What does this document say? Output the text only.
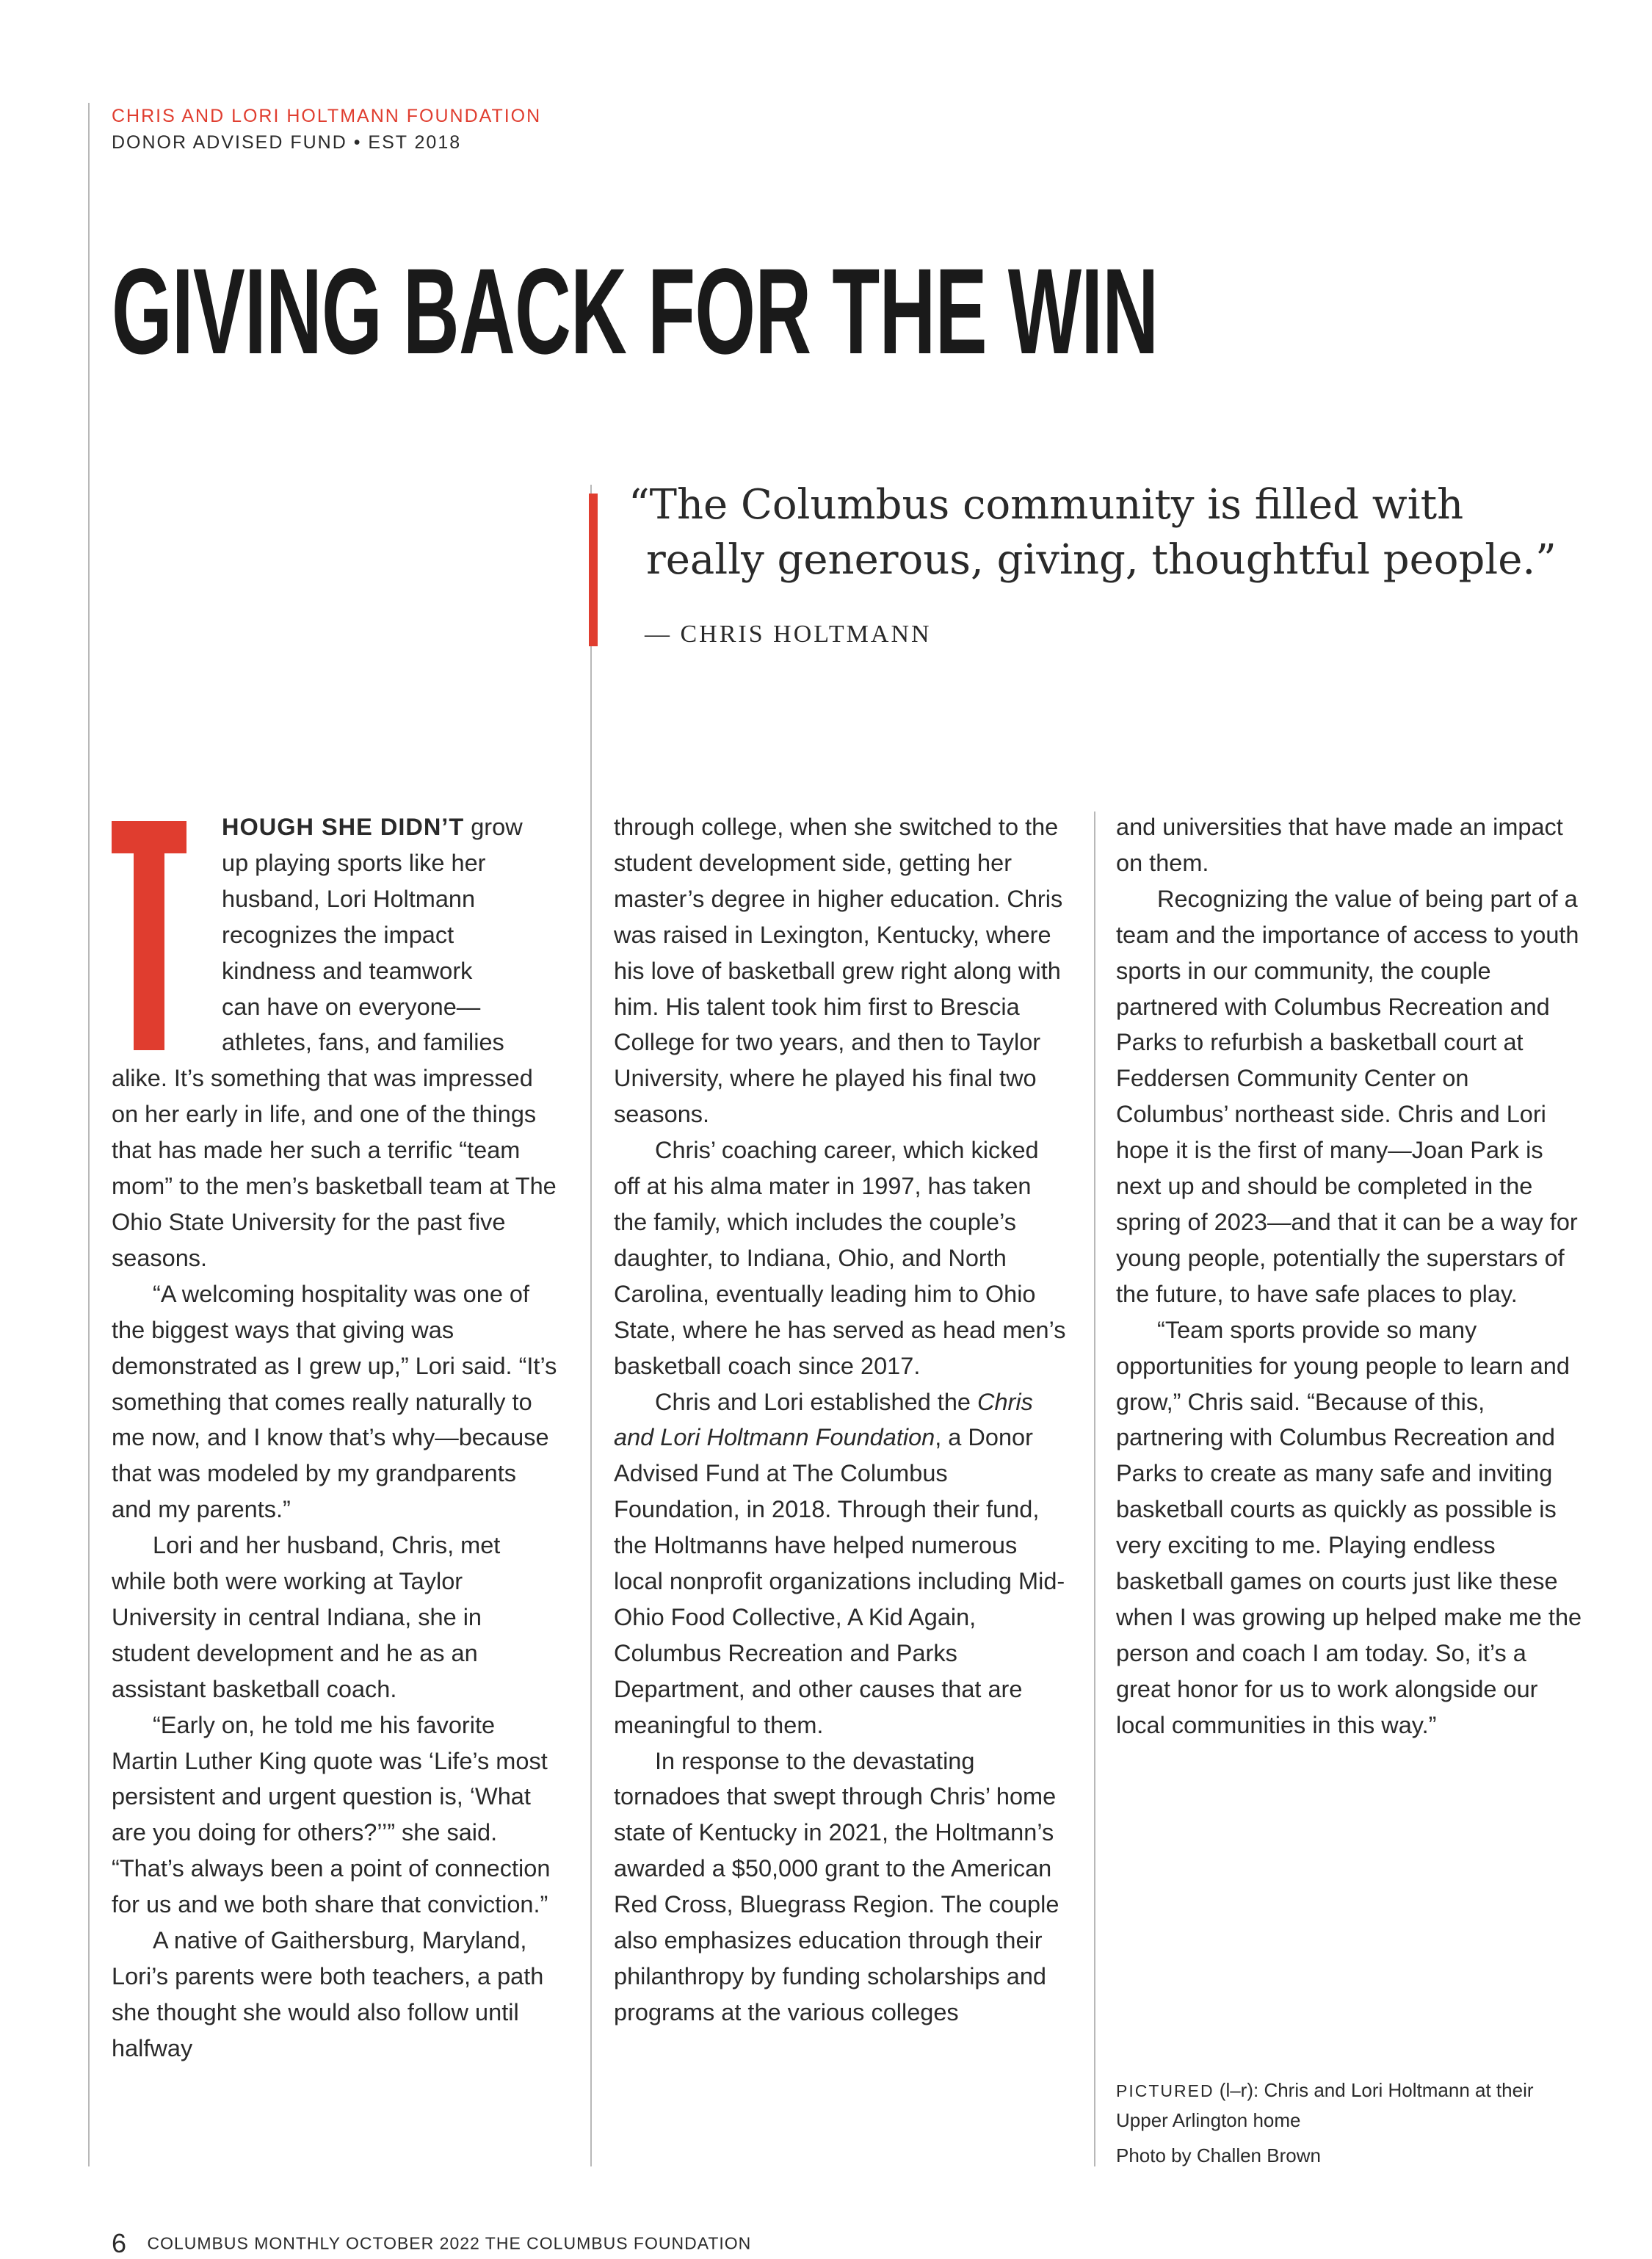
CHRIS AND LORI HOLTMANN FOUNDATION
DONOR ADVISED FUND • EST 2018
GIVING BACK FOR THE WIN
“The Columbus community is filled with
really generous, giving, thoughtful people.”
— CHRIS HOLTMANN
HOUGH SHE DIDN’T grow
up playing sports like her
husband, Lori Holtmann
recognizes the impact
kindness and teamwork
can have on everyone—
athletes, fans, and families

alike. It’s something that was impressed on her early in life, and one of the things that has made her such a terrific “team mom” to the men’s basketball team at The Ohio State University for the past five seasons.

“A welcoming hospitality was one of the biggest ways that giving was demonstrated as I grew up,” Lori said. “It’s something that comes really naturally to me now, and I know that’s why—because that was modeled by my grandparents and my parents.”

Lori and her husband, Chris, met while both were working at Taylor University in central Indiana, she in student development and he as an assistant basketball coach.

“Early on, he told me his favorite Martin Luther King quote was ‘Life’s most persistent and urgent question is, ‘What are you doing for others?’’” she said. “That’s always been a point of connection for us and we both share that conviction.”

A native of Gaithersburg, Maryland, Lori’s parents were both teachers, a path she thought she would also follow until halfway

through college, when she switched to the student development side, getting her master’s degree in higher education. Chris was raised in Lexington, Kentucky, where his love of basketball grew right along with him. His talent took him first to Brescia College for two years, and then to Taylor University, where he played his final two seasons.

Chris’ coaching career, which kicked off at his alma mater in 1997, has taken the family, which includes the couple’s daughter, to Indiana, Ohio, and North Carolina, eventually leading him to Ohio State, where he has served as head men’s basketball coach since 2017.

Chris and Lori established the Chris and Lori Holtmann Foundation, a Donor Advised Fund at The Columbus Foundation, in 2018. Through their fund, the Holtmanns have helped numerous local nonprofit organizations including Mid-Ohio Food Collective, A Kid Again, Columbus Recreation and Parks Department, and other causes that are meaningful to them.

In response to the devastating tornadoes that swept through Chris’ home state of Kentucky in 2021, the Holtmann’s awarded a $50,000 grant to the American Red Cross, Bluegrass Region. The couple also emphasizes education through their philanthropy by funding scholarships and programs at the various colleges

and universities that have made an impact on them.

Recognizing the value of being part of a team and the importance of access to youth sports in our community, the couple partnered with Columbus Recreation and Parks to refurbish a basketball court at Feddersen Community Center on Columbus’ northeast side. Chris and Lori hope it is the first of many—Joan Park is next up and should be completed in the spring of 2023—and that it can be a way for young people, potentially the superstars of the future, to have safe places to play.

“Team sports provide so many opportunities for young people to learn and grow,” Chris said. “Because of this, partnering with Columbus Recreation and Parks to create as many safe and inviting basketball courts as quickly as possible is very exciting to me. Playing endless basketball games on courts just like these when I was growing up helped make me the person and coach I am today. So, it’s a great honor for us to work alongside our local communities in this way.”

PICTURED (l–r): Chris and Lori Holtmann at their Upper Arlington home
Photo by Challen Brown
6 COLUMBUS MONTHLY OCTOBER 2022 THE COLUMBUS FOUNDATION
